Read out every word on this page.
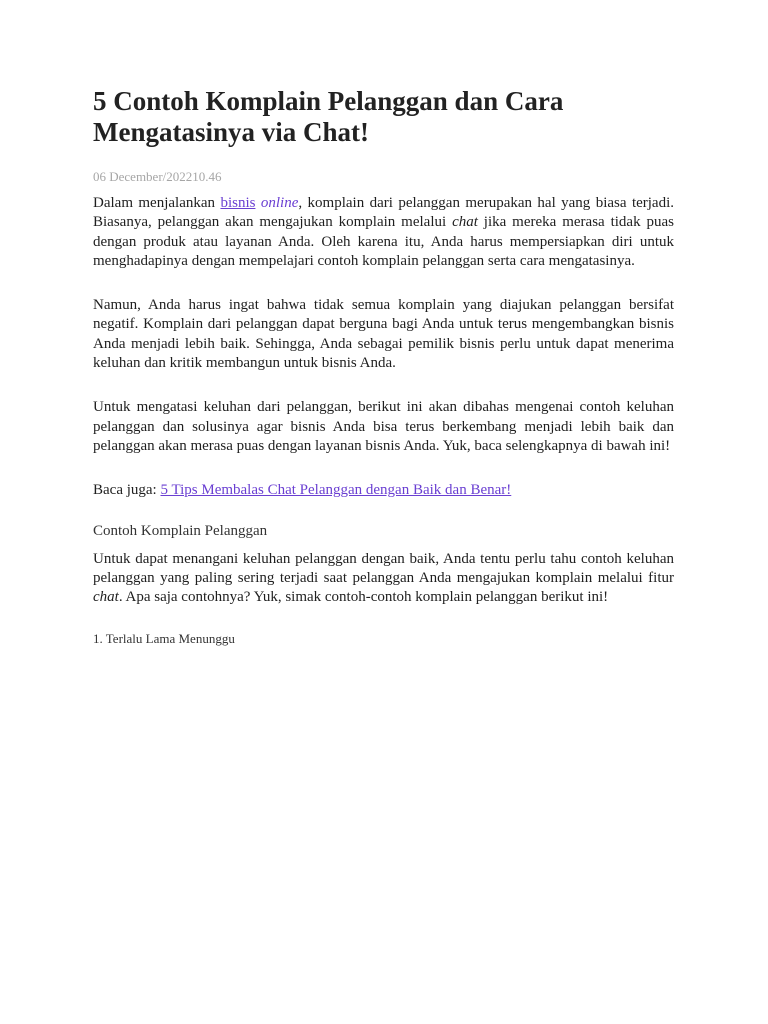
5 Contoh Komplain Pelanggan dan Cara Mengatasinya via Chat!
06 December/202210.46

Dalam menjalankan bisnis online, komplain dari pelanggan merupakan hal yang biasa terjadi. Biasanya, pelanggan akan mengajukan komplain melalui chat jika mereka merasa tidak puas dengan produk atau layanan Anda. Oleh karena itu, Anda harus mempersiapkan diri untuk menghadapinya dengan mempelajari contoh komplain pelanggan serta cara mengatasinya.

Namun, Anda harus ingat bahwa tidak semua komplain yang diajukan pelanggan bersifat negatif. Komplain dari pelanggan dapat berguna bagi Anda untuk terus mengembangkan bisnis Anda menjadi lebih baik. Sehingga, Anda sebagai pemilik bisnis perlu untuk dapat menerima keluhan dan kritik membangun untuk bisnis Anda.

Untuk mengatasi keluhan dari pelanggan, berikut ini akan dibahas mengenai contoh keluhan pelanggan dan solusinya agar bisnis Anda bisa terus berkembang menjadi lebih baik dan pelanggan akan merasa puas dengan layanan bisnis Anda. Yuk, baca selengkapnya di bawah ini!

Baca juga: 5 Tips Membalas Chat Pelanggan dengan Baik dan Benar!

Contoh Komplain Pelanggan

Untuk dapat menangani keluhan pelanggan dengan baik, Anda tentu perlu tahu contoh keluhan pelanggan yang paling sering terjadi saat pelanggan Anda mengajukan komplain melalui fitur chat. Apa saja contohnya? Yuk, simak contoh-contoh komplain pelanggan berikut ini!

1. Terlalu Lama Menunggu
